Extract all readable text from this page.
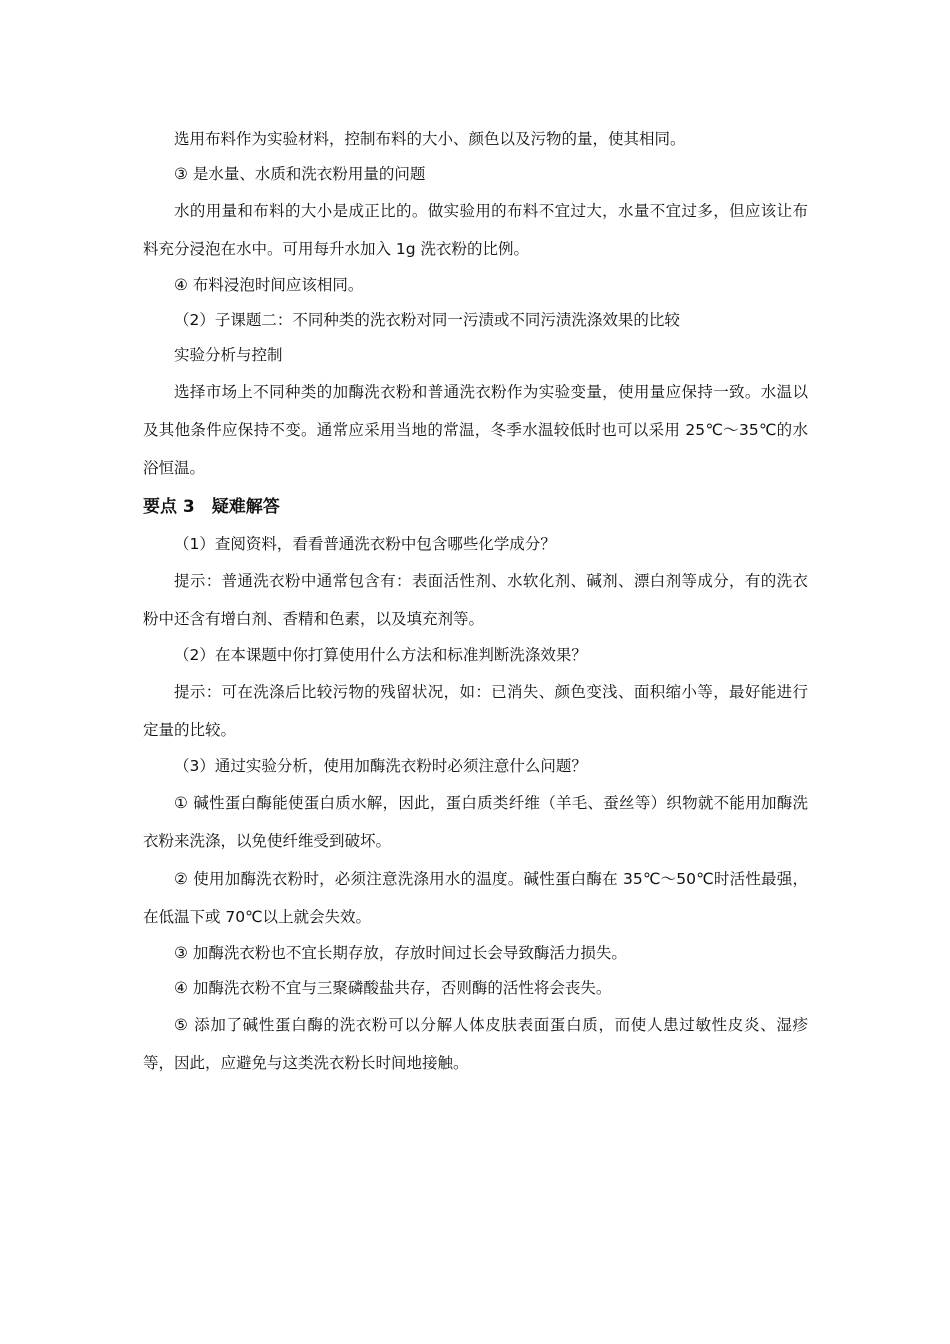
选用布料作为实验材料，控制布料的大小、颜色以及污物的量，使其相同。

③ 是水量、水质和洗衣粉用量的问题

水的用量和布料的大小是成正比的。做实验用的布料不宜过大，水量不宜过多，但应该让布料充分浸泡在水中。可用每升水加入 1g 洗衣粉的比例。

④ 布料浸泡时间应该相同。

（2）子课题二：不同种类的洗衣粉对同一污渍或不同污渍洗涤效果的比较

实验分析与控制

选择市场上不同种类的加酶洗衣粉和普通洗衣粉作为实验变量，使用量应保持一致。水温以及其他条件应保持不变。通常应采用当地的常温，冬季水温较低时也可以采用 25℃～35℃的水浴恒温。

要点 3　疑难解答

（1）查阅资料，看看普通洗衣粉中包含哪些化学成分？

提示：普通洗衣粉中通常包含有：表面活性剂、水软化剂、碱剂、漂白剂等成分，有的洗衣粉中还含有增白剂、香精和色素，以及填充剂等。

（2）在本课题中你打算使用什么方法和标准判断洗涤效果？

提示：可在洗涤后比较污物的残留状况，如：已消失、颜色变浅、面积缩小等，最好能进行定量的比较。

（3）通过实验分析，使用加酶洗衣粉时必须注意什么问题？

① 碱性蛋白酶能使蛋白质水解，因此，蛋白质类纤维（羊毛、蚕丝等）织物就不能用加酶洗衣粉来洗涤，以免使纤维受到破坏。

② 使用加酶洗衣粉时，必须注意洗涤用水的温度。碱性蛋白酶在 35℃～50℃时活性最强，在低温下或 70℃以上就会失效。

③ 加酶洗衣粉也不宜长期存放，存放时间过长会导致酶活力损失。

④ 加酶洗衣粉不宜与三聚磷酸盐共存，否则酶的活性将会丧失。

⑤ 添加了碱性蛋白酶的洗衣粉可以分解人体皮肤表面蛋白质，而使人患过敏性皮炎、湿疹等，因此，应避免与这类洗衣粉长时间地接触。
